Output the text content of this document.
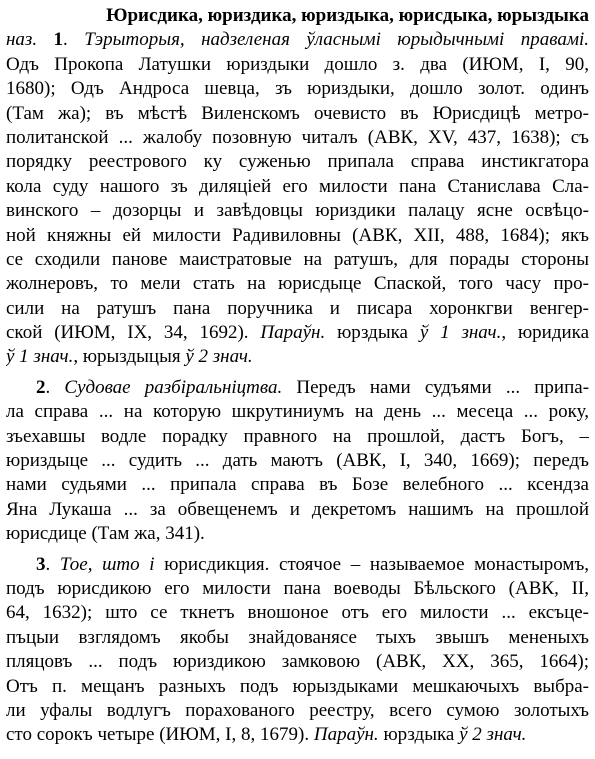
Юрисдика, юриздика, юриздыка, юрисдыка, юрыздыка
наз. 1. Тэрыторыя, надзеленая ўласнымі юрыдычнымі правамі.
Одъ Прокопа Латушки юриздыки дошло з. два (ИЮМ, I, 90,
1680); Одъ Андроса шевца, зъ юриздыки, дошло золот. одинъ
(Там жа); въ мѣстѣ Виленскомъ очевисто въ Юрисдицѣ метро-
политанской ... жалобу позовную читалъ (АВК, XV, 437, 1638); съ
порядку реестрового ку суженью припала справа инстикгатора
кола суду нашого зъ диляціей его милости пана Станислава Сла-
винского – дозорцы и завѣдовцы юриздики палацу ясне освѣцо-
ной княжны ей милости Радивиловны (АВК, XII, 488, 1684); якъ
се сходили панове маистратовые на ратушъ, для порады стороны
жолнеровъ, то мели стать на юрисдыце Спаской, того часу про-
сили на ратушъ пана поручника и писара хоронкгви венгер-
ской (ИЮМ, IX, 34, 1692). Параўн. юрздыка ў 1 знач., юридика
ў 1 знач., юрыздыцыя ў 2 знач.
2. Судовае разбіральніцтва. Передъ нами судъями ... припа-
ла справа ... на которую шкрутиниумъ на день ... месеца ... року,
зъехавшы водле порадку правного на прошлой, дастъ Богъ, –
юриздыце ... судить ... дать маютъ (АВК, I, 340, 1669); передъ
нами судьями ... припала справа въ Бозе велебного ... ксендза
Яна Лукаша ... за обвещенемъ и декретомъ нашимъ на прошлой
юрисдице (Там жа, 341).
3. Тое, што і юрисдикция. стоячое – называемое монастыромъ,
подъ юрисдикою его милости пана воеводы Бѣльского (АВК, II,
64, 1632); што се ткнетъ вношоное отъ его милости ... ексъце-
пъцыи взглядомъ якобы знайдованясе тыхъ звышъ мененыхъ
пляцовъ ... подъ юриздикою замковою (АВК, XX, 365, 1664);
Отъ п. мещанъ разныхъ подъ юрыздыками мешкаючыхъ выбра-
ли уфалы водлугъ порахованого реестру, всего сумою золотыхъ
сто сорокъ четыре (ИЮМ, I, 8, 1679). Параўн. юрздыка ў 2 знач.
